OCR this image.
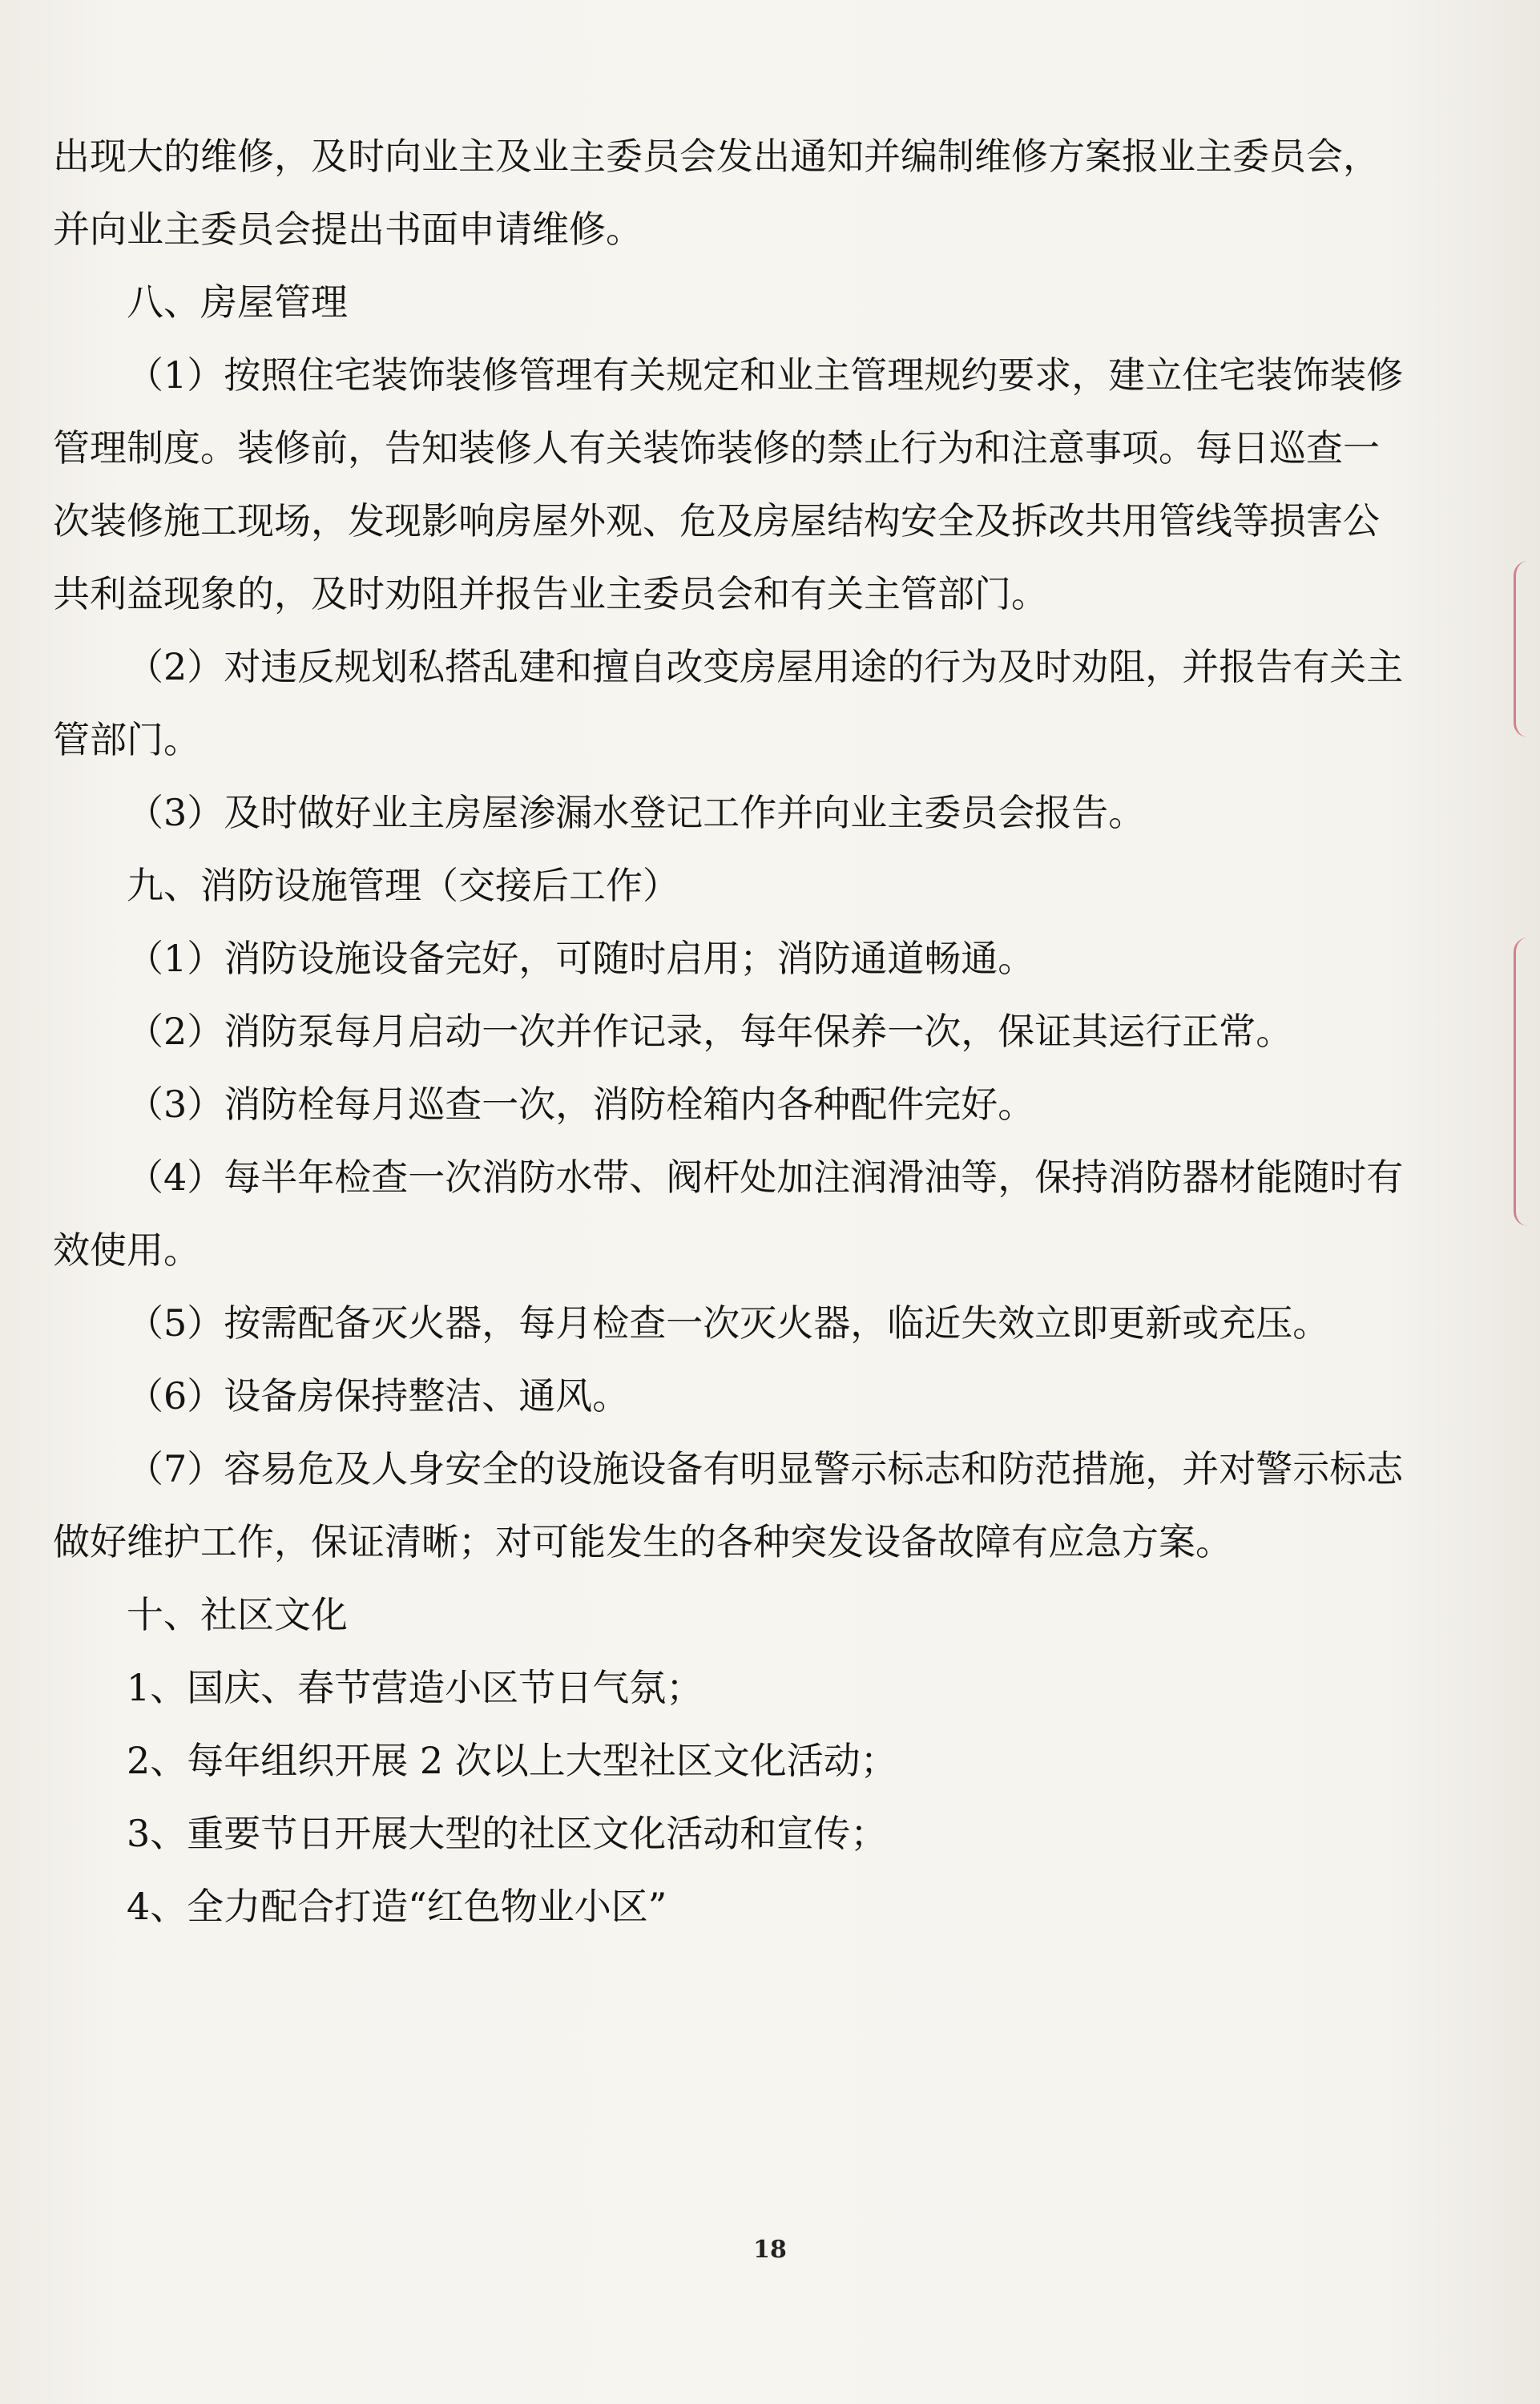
出现大的维修，及时向业主及业主委员会发出通知并编制维修方案报业主委员会，并向业主委员会提出书面申请维修。

八、房屋管理

（1）按照住宅装饰装修管理有关规定和业主管理规约要求，建立住宅装饰装修管理制度。装修前，告知装修人有关装饰装修的禁止行为和注意事项。每日巡查一次装修施工现场，发现影响房屋外观、危及房屋结构安全及拆改共用管线等损害公共利益现象的，及时劝阻并报告业主委员会和有关主管部门。

（2）对违反规划私搭乱建和擅自改变房屋用途的行为及时劝阻，并报告有关主管部门。

（3）及时做好业主房屋渗漏水登记工作并向业主委员会报告。

九、消防设施管理（交接后工作）

（1）消防设施设备完好，可随时启用；消防通道畅通。

（2）消防泵每月启动一次并作记录，每年保养一次，保证其运行正常。

（3）消防栓每月巡查一次，消防栓箱内各种配件完好。

（4）每半年检查一次消防水带、阀杆处加注润滑油等，保持消防器材能随时有效使用。

（5）按需配备灭火器，每月检查一次灭火器，临近失效立即更新或充压。

（6）设备房保持整洁、通风。

（7）容易危及人身安全的设施设备有明显警示标志和防范措施，并对警示标志做好维护工作，保证清晰；对可能发生的各种突发设备故障有应急方案。

十、社区文化

1、国庆、春节营造小区节日气氛；

2、每年组织开展 2 次以上大型社区文化活动；

3、重要节日开展大型的社区文化活动和宣传；

4、全力配合打造“红色物业小区”

18
